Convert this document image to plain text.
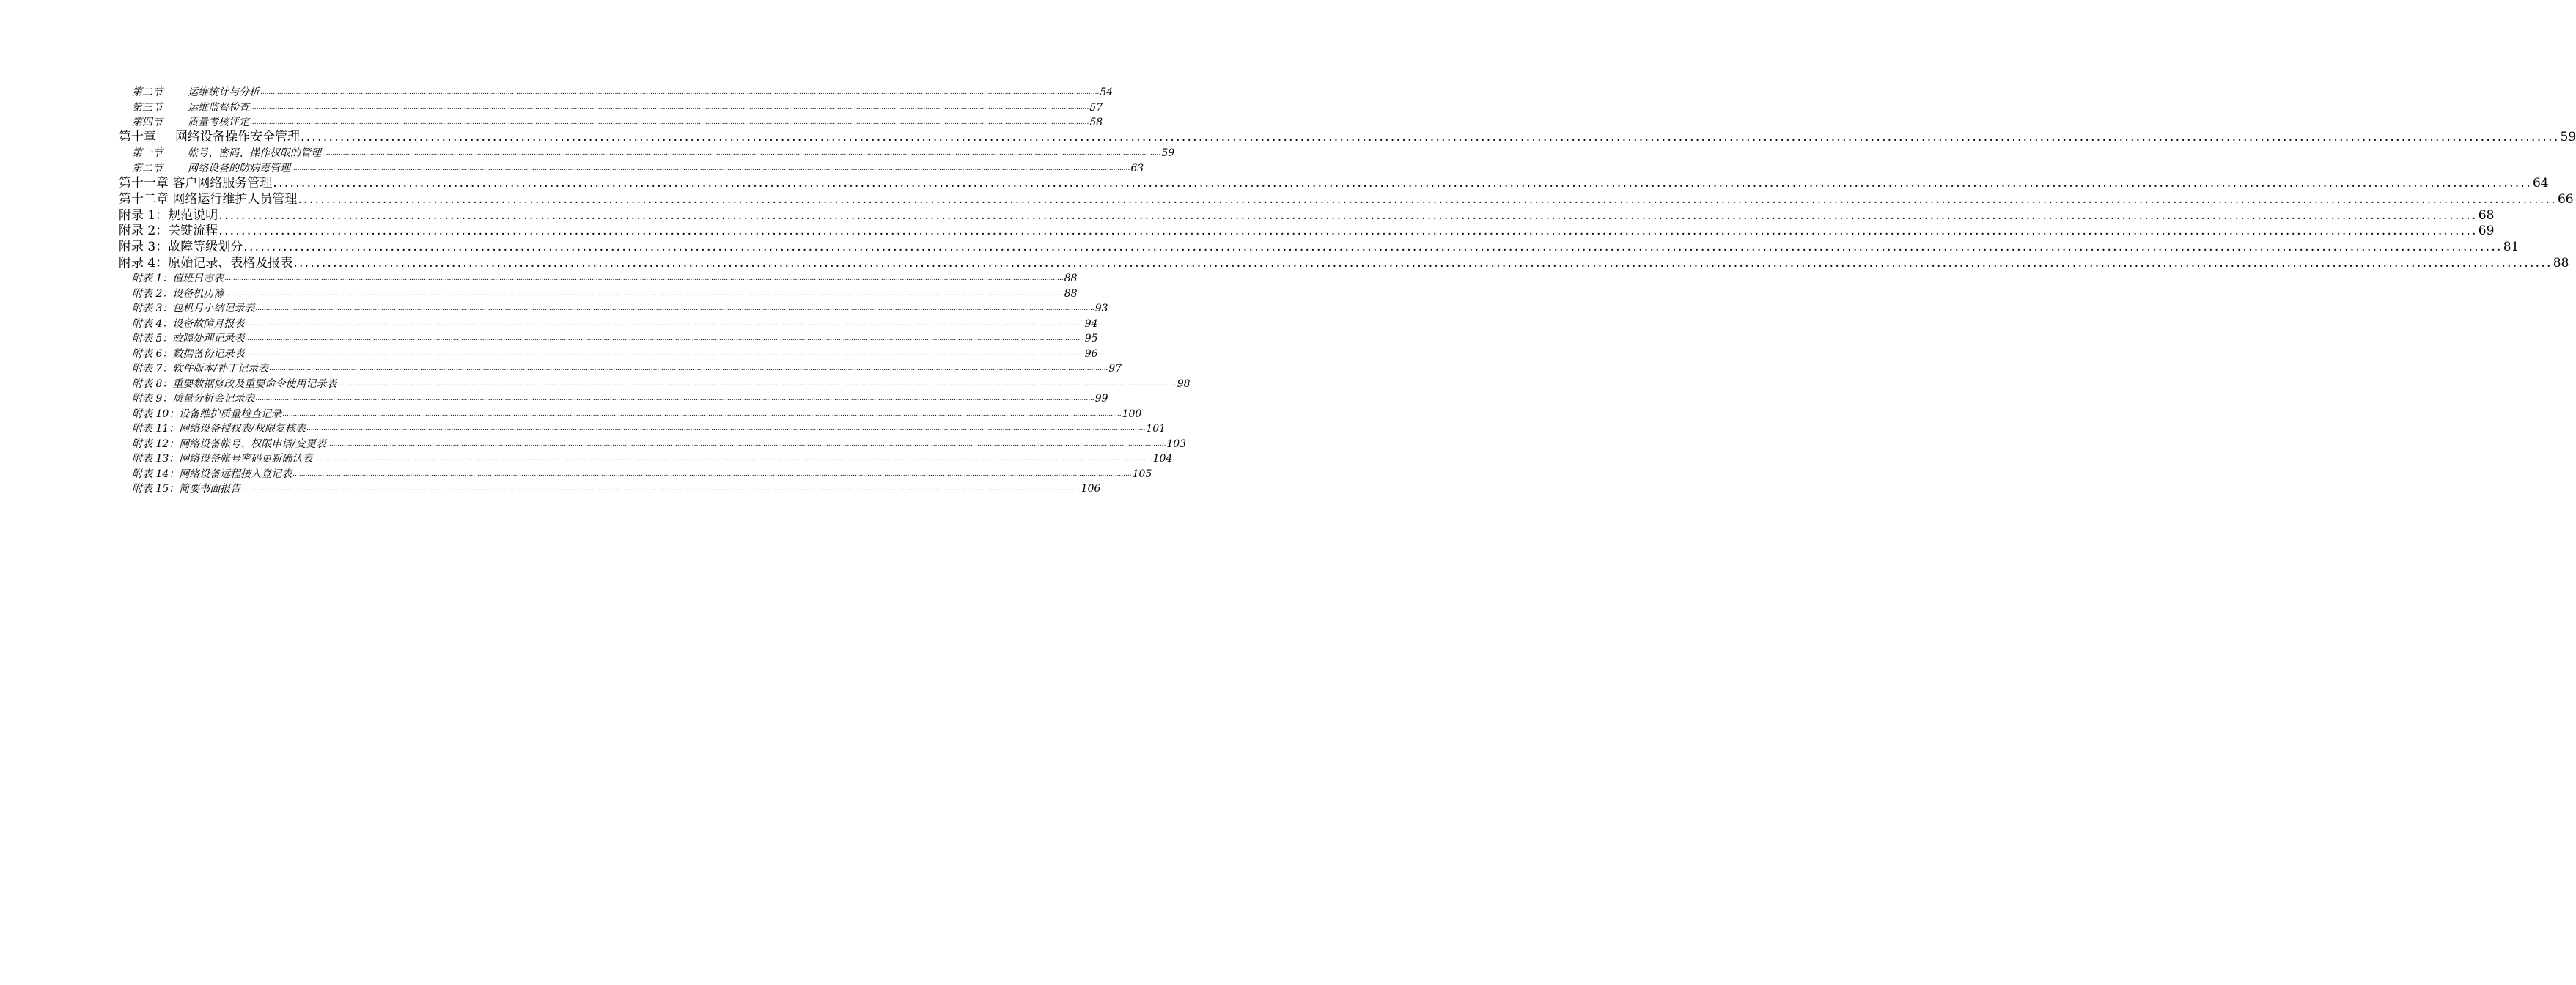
第二节 运维统计与分析 ................................................................................................................................................................................................................................................................................................................................................................................................................ 54
第三节 运维监督检查 ................................................................................................................................................................................................................................................................................................................................................................................................................ 57
第四节 质量考核评定 ................................................................................................................................................................................................................................................................................................................................................................................................................ 58
第十章 网络设备操作安全管理 ................................................................................................................................................................................................................................................................................................................................................................................................................ 59
第一节 帐号、密码、操作权限的管理 ................................................................................................................................................................................................................................................................................................................................................................................................................ 59
第二节 网络设备的防病毒管理 ................................................................................................................................................................................................................................................................................................................................................................................................................ 63
第十一章 客户网络服务管理 ................................................................................................................................................................................................................................................................................................................................................................................................................ 64
第十二章 网络运行维护人员管理 ................................................................................................................................................................................................................................................................................................................................................................................................................ 66
附录 1：规范说明 ................................................................................................................................................................................................................................................................................................................................................................................................................ 68
附录 2：关键流程 ................................................................................................................................................................................................................................................................................................................................................................................................................ 69
附录 3：故障等级划分 ................................................................................................................................................................................................................................................................................................................................................................................................................ 81
附录 4：原始记录、表格及报表 ................................................................................................................................................................................................................................................................................................................................................................................................................ 88
附表 1：值班日志表 ................................................................................................................................................................................................................................................................................................................................................................................................................ 88
附表 2：设备机历簿 ................................................................................................................................................................................................................................................................................................................................................................................................................ 88
附表 3：包机月小结记录表 ................................................................................................................................................................................................................................................................................................................................................................................................................ 93
附表 4：设备故障月报表 ................................................................................................................................................................................................................................................................................................................................................................................................................ 94
附表 5：故障处理记录表 ................................................................................................................................................................................................................................................................................................................................................................................................................ 95
附表 6：数据备份记录表 ................................................................................................................................................................................................................................................................................................................................................................................................................ 96
附表 7：软件版本/补丁记录表 ................................................................................................................................................................................................................................................................................................................................................................................................................ 97
附表 8：重要数据修改及重要命令使用记录表 ................................................................................................................................................................................................................................................................................................................................................................................................................ 98
附表 9：质量分析会记录表 ................................................................................................................................................................................................................................................................................................................................................................................................................ 99
附表 10：设备维护质量检查记录 ................................................................................................................................................................................................................................................................................................................................................................................................................ 100
附表 11：网络设备授权表/权限复核表 ................................................................................................................................................................................................................................................................................................................................................................................................................ 101
附表 12：网络设备帐号、权限申请/变更表 ................................................................................................................................................................................................................................................................................................................................................................................................................ 103
附表 13：网络设备帐号密码更新确认表 ................................................................................................................................................................................................................................................................................................................................................................................................................ 104
附表 14：网络设备远程接入登记表 ................................................................................................................................................................................................................................................................................................................................................................................................................ 105
附表 15：简要书面报告 ................................................................................................................................................................................................................................................................................................................................................................................................................ 106
